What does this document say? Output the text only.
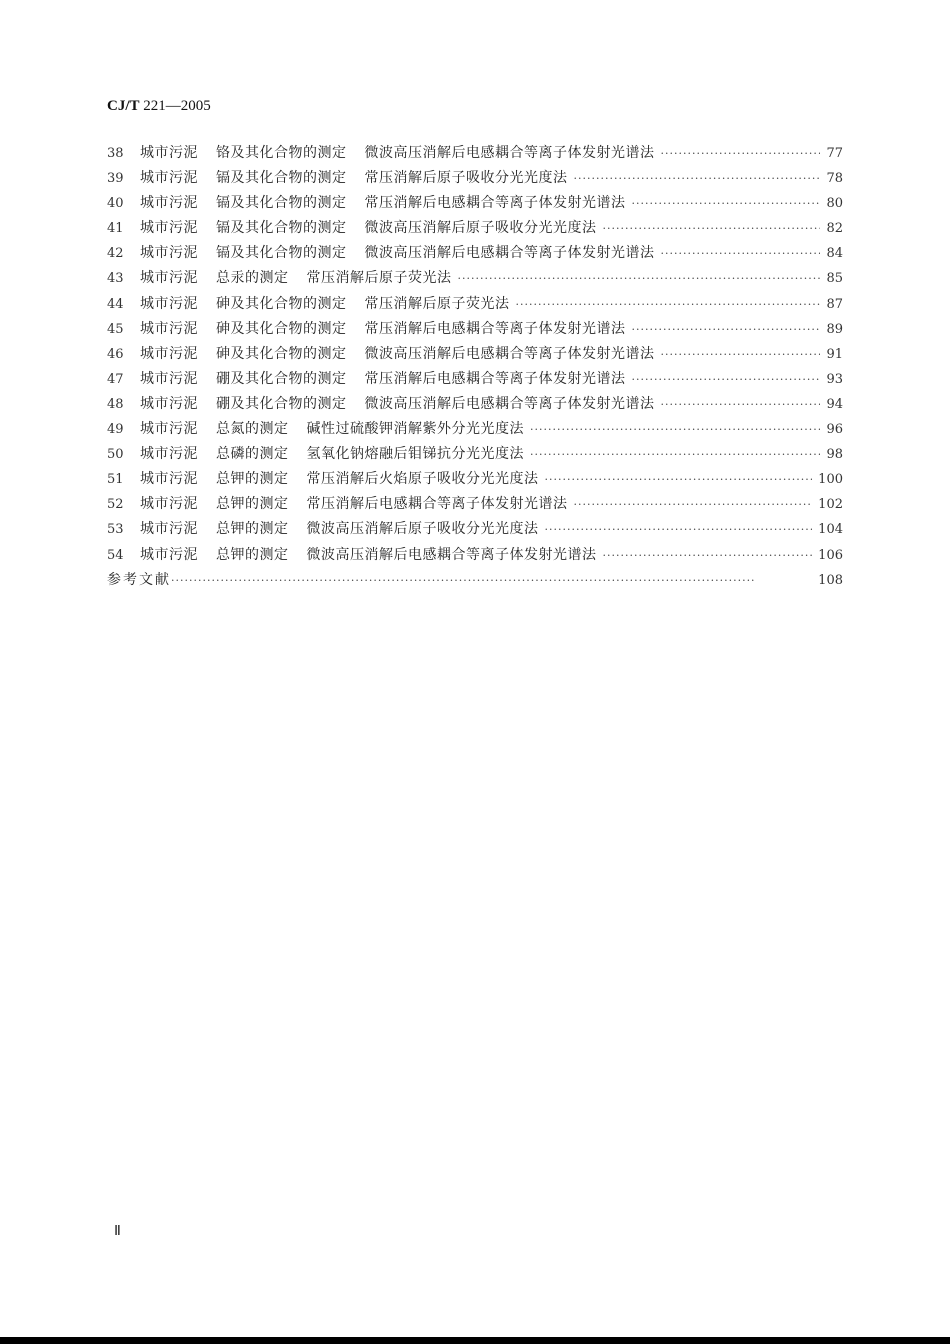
CJ/T 221—2005
38	城市污泥 铬及其化合物的测定 微波高压消解后电感耦合等离子体发射光谱法 ·····	77
39	城市污泥 镉及其化合物的测定 常压消解后原子吸收分光光度法 ·····	78
40	城市污泥 镉及其化合物的测定 常压消解后电感耦合等离子体发射光谱法 ·····	80
41	城市污泥 镉及其化合物的测定 微波高压消解后原子吸收分光光度法 ·····	82
42	城市污泥 镉及其化合物的测定 微波高压消解后电感耦合等离子体发射光谱法 ·····	84
43	城市污泥 总汞的测定 常压消解后原子荧光法 ·····	85
44	城市污泥 砷及其化合物的测定 常压消解后原子荧光法 ·····	87
45	城市污泥 砷及其化合物的测定 常压消解后电感耦合等离子体发射光谱法 ·····	89
46	城市污泥 砷及其化合物的测定 微波高压消解后电感耦合等离子体发射光谱法 ·····	91
47	城市污泥 硼及其化合物的测定 常压消解后电感耦合等离子体发射光谱法 ·····	93
48	城市污泥 硼及其化合物的测定 微波高压消解后电感耦合等离子体发射光谱法 ·····	94
49	城市污泥 总氮的测定 碱性过硫酸钾消解紫外分光光度法 ·····	96
50	城市污泥 总磷的测定 氢氧化钠熔融后钼锑抗分光光度法 ·····	98
51	城市污泥 总钾的测定 常压消解后火焰原子吸收分光光度法 ·····	100
52	城市污泥 总钾的测定 常压消解后电感耦合等离子体发射光谱法 ·····	102
53	城市污泥 总钾的测定 微波高压消解后原子吸收分光光度法 ·····	104
54	城市污泥 总钾的测定 微波高压消解后电感耦合等离子体发射光谱法 ·····	106
参考文献 ·····	108
Ⅱ
